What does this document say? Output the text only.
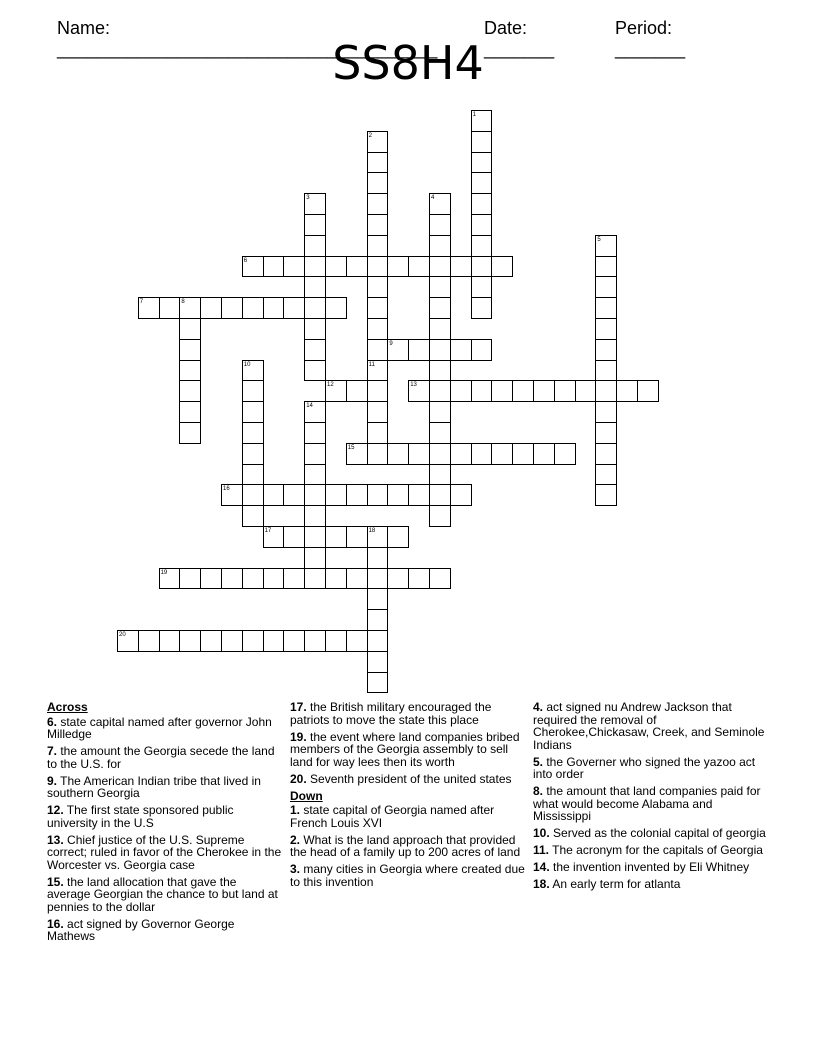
Name:
______________________________________

Date:
_______

Period:
_______

SS8H4
1
2
3	4
5
6
7	8
9
10	11
12	13
14
15
16
17	18
19
20
Across
6. state capital named after governor John Milledge
7. the amount the Georgia secede the land to the U.S. for
9. The American Indian tribe that lived in southern Georgia
12. The first state sponsored public university in the U.S
13. Chief justice of the U.S. Supreme correct; ruled in favor of the Cherokee in the Worcester vs. Georgia case
15. the land allocation that gave the average Georgian the chance to but land at pennies to the dollar
16. act signed by Governor George Mathews
17. the British military encouraged the patriots to move the state this place
19. the event where land companies bribed members of the Georgia assembly to sell land for way lees then its worth
20. Seventh president of the united states
Down
1. state capital of Georgia named after French Louis XVI
2. What is the land approach that provided the head of a family up to 200 acres of land
3. many cities in Georgia where created due to this invention
4. act signed nu Andrew Jackson that required the removal of Cherokee,Chickasaw, Creek, and Seminole Indians
5. the Governer who signed the yazoo act into order
8. the amount that land companies paid for what would become Alabama and Mississippi
10. Served as the colonial capital of georgia
11. The acronym for the capitals of Georgia
14. the invention invented by Eli Whitney
18. An early term for atlanta
